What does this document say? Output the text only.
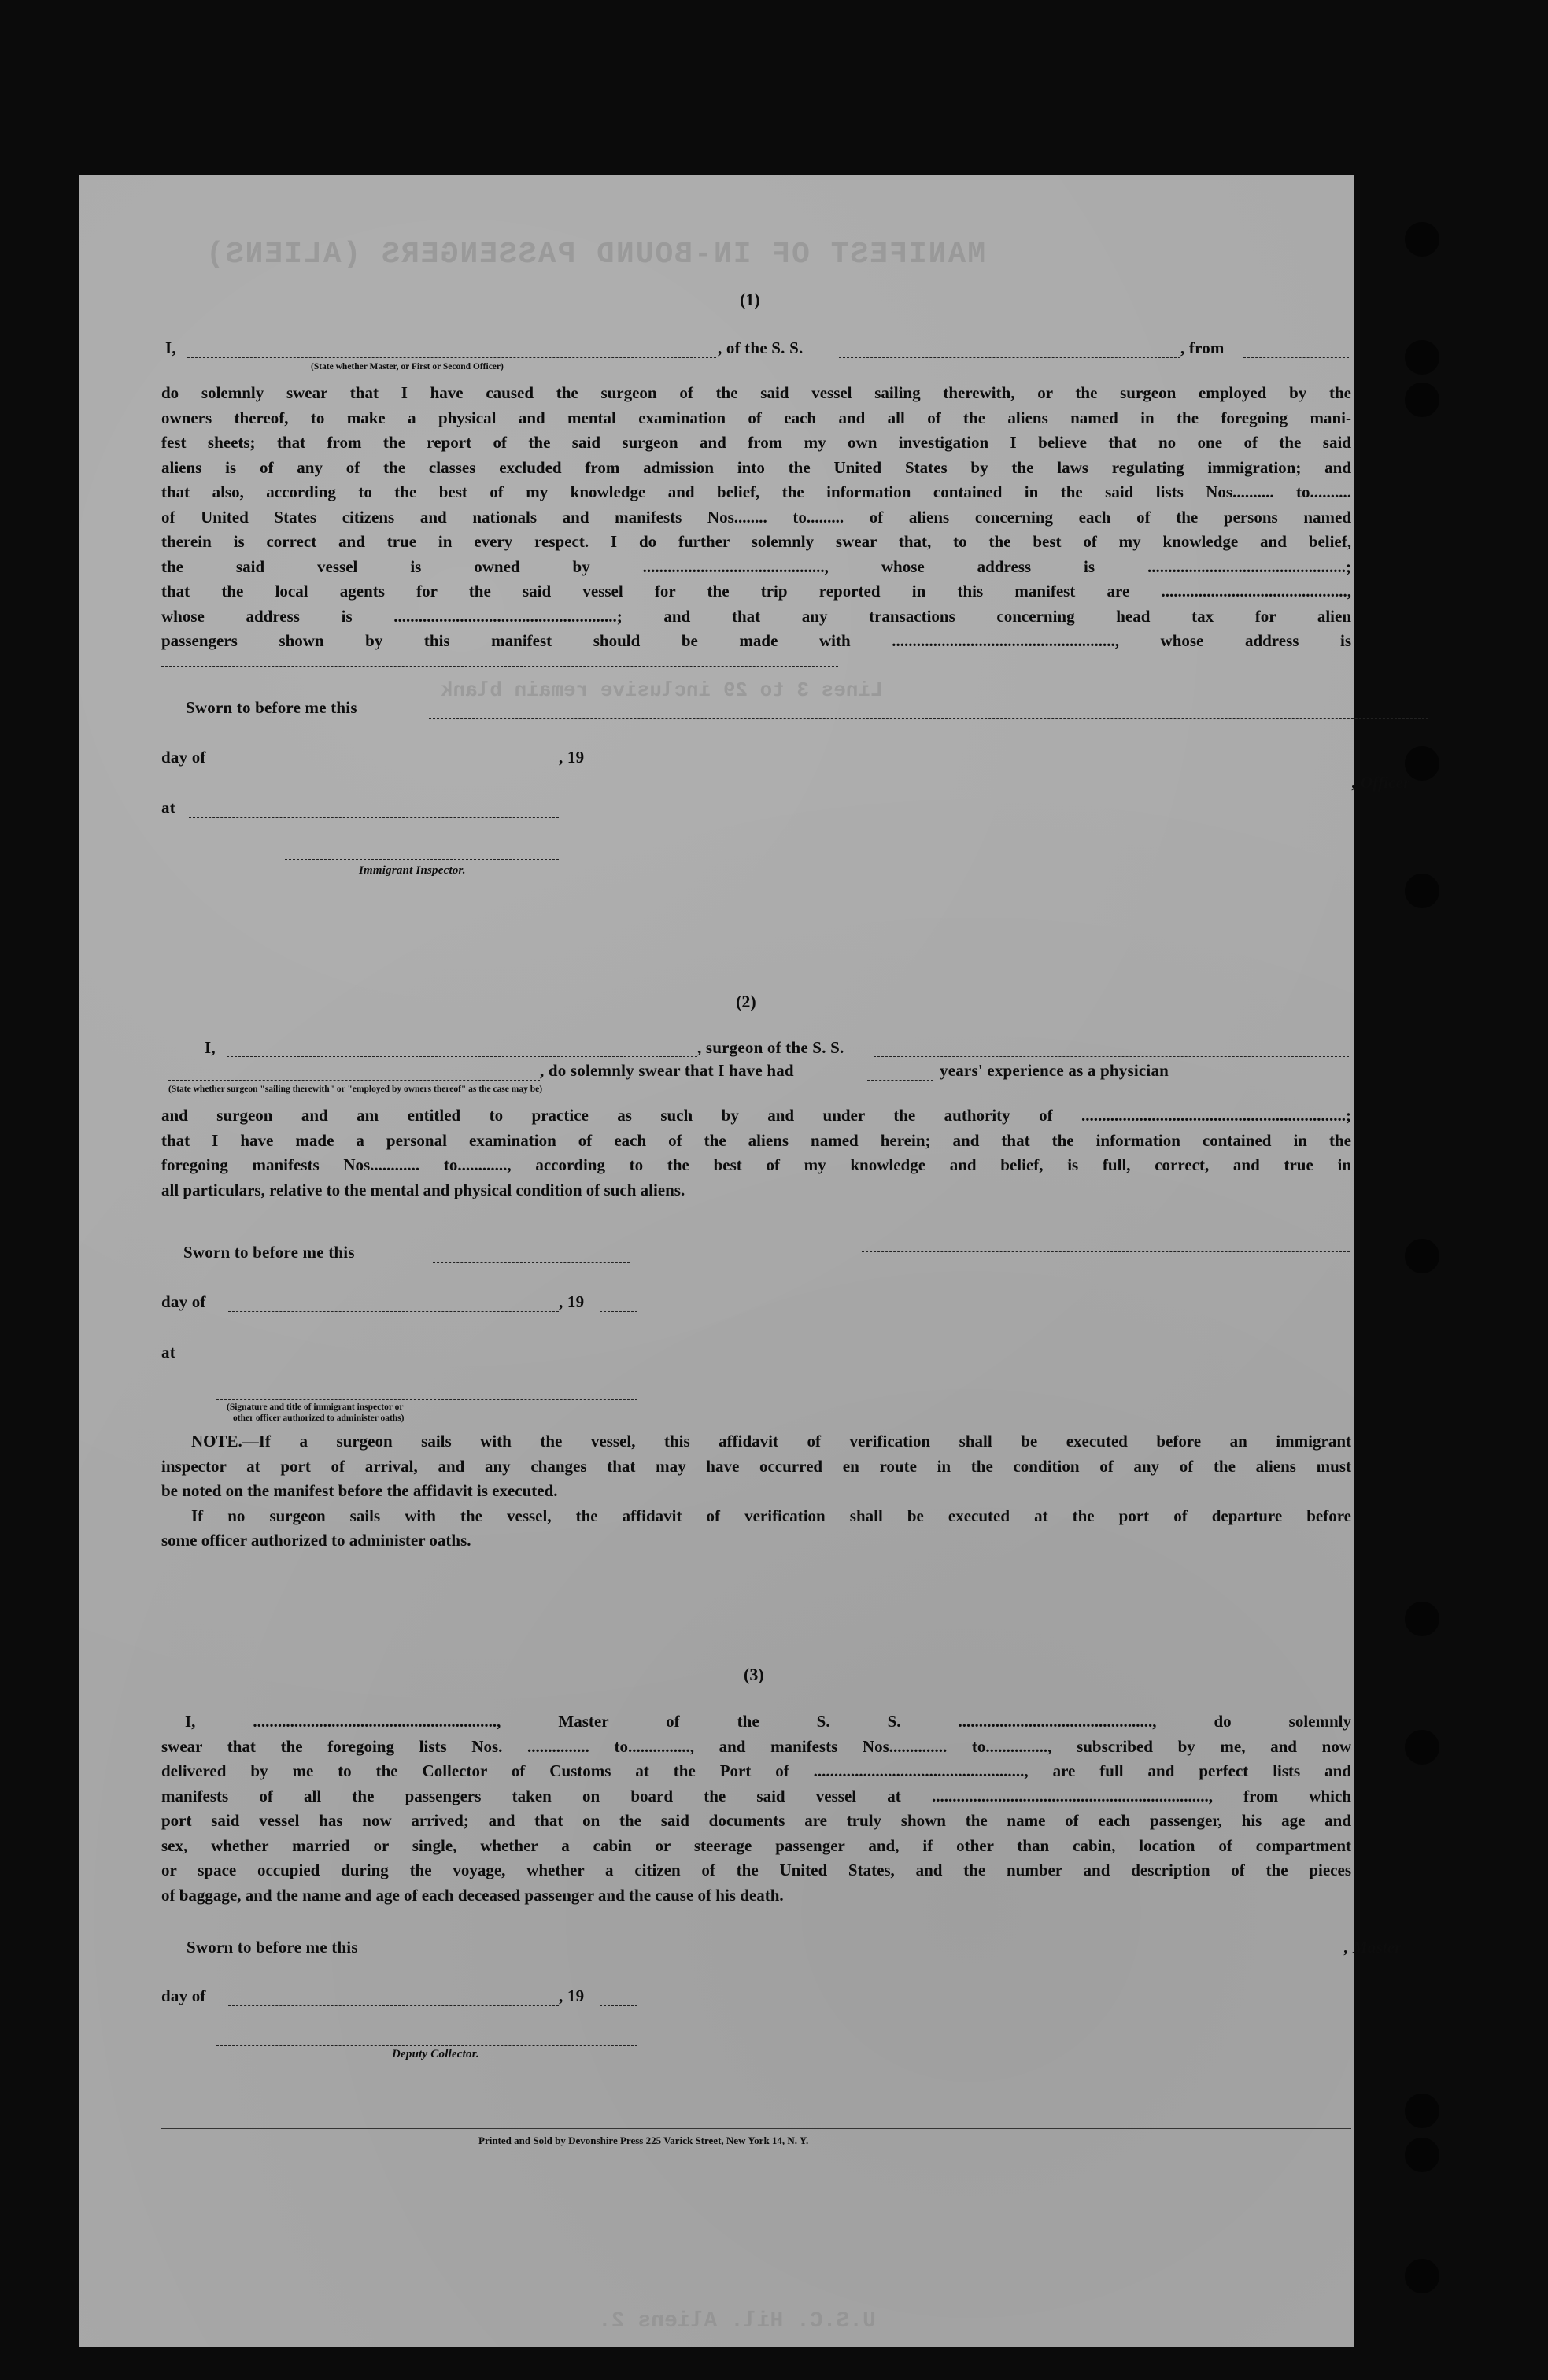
MANIFEST OF IN-BOUND PASSENGERS (ALIENS)
Lines 3 to 29 inclusive remain blank
U.S.C. Hil. Aliens 2.
(1)
I,	, of the S. S.	, from
(State whether Master, or First or Second Officer)
do solemnly swear that I have caused the surgeon of the said vessel sailing therewith, or the surgeon employed by the
owners thereof, to make a physical and mental examination of each and all of the aliens named in the foregoing mani-
fest sheets; that from the report of the said surgeon and from my own investigation I believe that no one of the said
aliens is of any of the classes excluded from admission into the United States by the laws regulating immigration; and
that also, according to the best of my knowledge and belief, the information contained in the said lists Nos.......... to..........
of United States citizens and nationals and manifests Nos........ to......... of aliens concerning each of the persons named
therein is correct and true in every respect. I do further solemnly swear that, to the best of my knowledge and belief,
the said vessel is owned by ............................................, whose address is ................................................;
that the local agents for the said vessel for the trip reported in this manifest are .............................................,
whose address is ......................................................; and that any transactions concerning head tax for alien
passengers shown by this manifest should be made with ......................................................, whose address is
Sworn to before me this
day of	, 19
, Officer
at
Immigrant Inspector.
(2)
I,	, surgeon of the S. S.
, do solemnly swear that I have had	years' experience as a physician
(State whether surgeon "sailing therewith" or "employed by owners thereof" as the case may be)
and surgeon and am entitled to practice as such by and under the authority of ................................................................;
that I have made a personal examination of each of the aliens named herein; and that the information contained in the
foregoing manifests Nos............ to............, according to the best of my knowledge and belief, is full, correct, and true in
all particulars, relative to the mental and physical condition of such aliens.
Sworn to before me this
day of	, 19
at
(Signature and title of immigrant inspector or
other officer authorized to administer oaths)
NOTE.—If a surgeon sails with the vessel, this affidavit of verification shall be executed before an immigrant
inspector at port of arrival, and any changes that may have occurred en route in the condition of any of the aliens must
be noted on the manifest before the affidavit is executed.
If no surgeon sails with the vessel, the affidavit of verification shall be executed at the port of departure before
some officer authorized to administer oaths.
(3)
I, ..........................................................., Master of the S. S. ..............................................., do solemnly
swear that the foregoing lists Nos. ............... to..............., and manifests Nos.............. to..............., subscribed by me, and now
delivered by me to the Collector of Customs at the Port of ..................................................., are full and perfect lists and
manifests of all the passengers taken on board the said vessel at ..................................................................., from which
port said vessel has now arrived; and that on the said documents are truly shown the name of each passenger, his age and
sex, whether married or single, whether a cabin or steerage passenger and, if other than cabin, location of compartment
or space occupied during the voyage, whether a citizen of the United States, and the number and description of the pieces
of baggage, and the name and age of each deceased passenger and the cause of his death.
Sworn to before me this	, Master
day of	, 19
Deputy Collector.
Printed and Sold by Devonshire Press 225 Varick Street, New York 14, N. Y.
